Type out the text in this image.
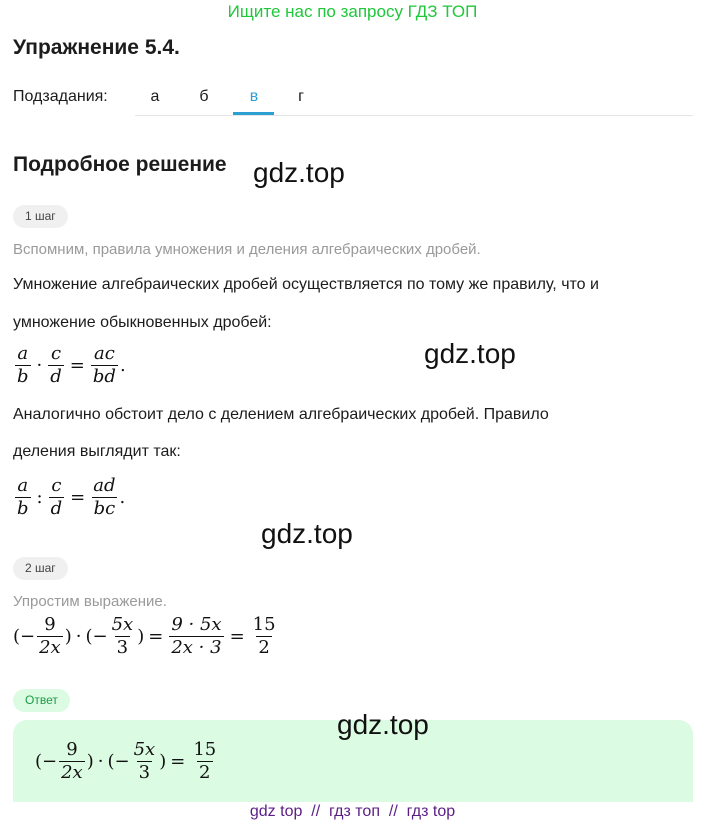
Ищите нас по запросу ГДЗ ТОП
Упражнение 5.4.
Подзадания:	а	б	в	г
Подробное решение gdz.top
1 шаг
Вспомним, правила умножения и деления алгебраических дробей.
Умножение алгебраических дробей осуществляется по тому же правилу, что и
умножение обыкновенных дробей:
$\frac{a}{b} \cdot \frac{c}{d} = \frac{ac}{bd}$ .	gdz.top
Аналогично обстоит дело с делением алгебраических дробей. Правило
деления выглядит так:
$\frac{a}{b}$ : $\frac{c}{d} = \frac{ad}{bc}$ .
gdz.top
2 шаг
Упростим выражение.
(− $\frac{9}{2x}$ ) · (− $\frac{5x}{3}$ ) = $\frac{9 \cdot 5x}{2x \cdot 3} = \frac{15}{2}$
Ответ
gdz.top
(− $\frac{9}{2x}$ ) · (− $\frac{5x}{3}$ ) = $\frac{15}{2}$
gdz top  //  гдз топ  //  гдз top
